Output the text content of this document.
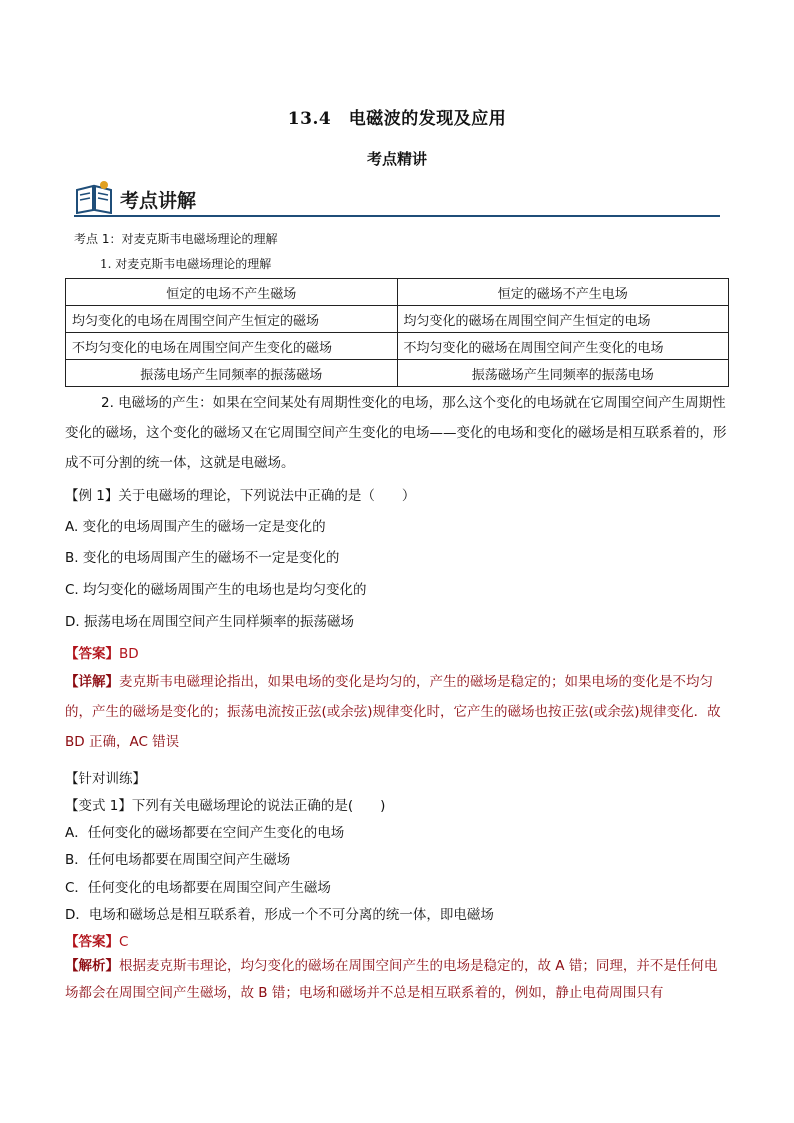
13.4　电磁波的发现及应用
考点精讲
考点讲解
考点 1：对麦克斯韦电磁场理论的理解
1. 对麦克斯韦电磁场理论的理解
恒定的电场不产生磁场	恒定的磁场不产生电场
均匀变化的电场在周围空间产生恒定的磁场	均匀变化的磁场在周围空间产生恒定的电场
不均匀变化的电场在周围空间产生变化的磁场	不均匀变化的磁场在周围空间产生变化的电场
振荡电场产生同频率的振荡磁场	振荡磁场产生同频率的振荡电场
2. 电磁场的产生：如果在空间某处有周期性变化的电场，那么这个变化的电场就在它周围空间产生周期性变化的磁场，这个变化的磁场又在它周围空间产生变化的电场——变化的电场和变化的磁场是相互联系着的，形成不可分割的统一体，这就是电磁场。
【例 1】关于电磁场的理论，下列说法中正确的是（　　）
A. 变化的电场周围产生的磁场一定是变化的
B. 变化的电场周围产生的磁场不一定是变化的
C. 均匀变化的磁场周围产生的电场也是均匀变化的
D. 振荡电场在周围空间产生同样频率的振荡磁场
【答案】BD
【详解】麦克斯韦电磁理论指出，如果电场的变化是均匀的，产生的磁场是稳定的；如果电场的变化是不均匀的，产生的磁场是变化的；振荡电流按正弦(或余弦)规律变化时，它产生的磁场也按正弦(或余弦)规律变化．故 BD 正确，AC 错误
【针对训练】
【变式 1】下列有关电磁场理论的说法正确的是(　　)
A．任何变化的磁场都要在空间产生变化的电场
B．任何电场都要在周围空间产生磁场
C．任何变化的电场都要在周围空间产生磁场
D．电场和磁场总是相互联系着，形成一个不可分离的统一体，即电磁场
【答案】C
【解析】根据麦克斯韦理论，均匀变化的磁场在周围空间产生的电场是稳定的，故 A 错；同理，并不是任何电场都会在周围空间产生磁场，故 B 错；电场和磁场并不总是相互联系着的，例如，静止电荷周围只有
